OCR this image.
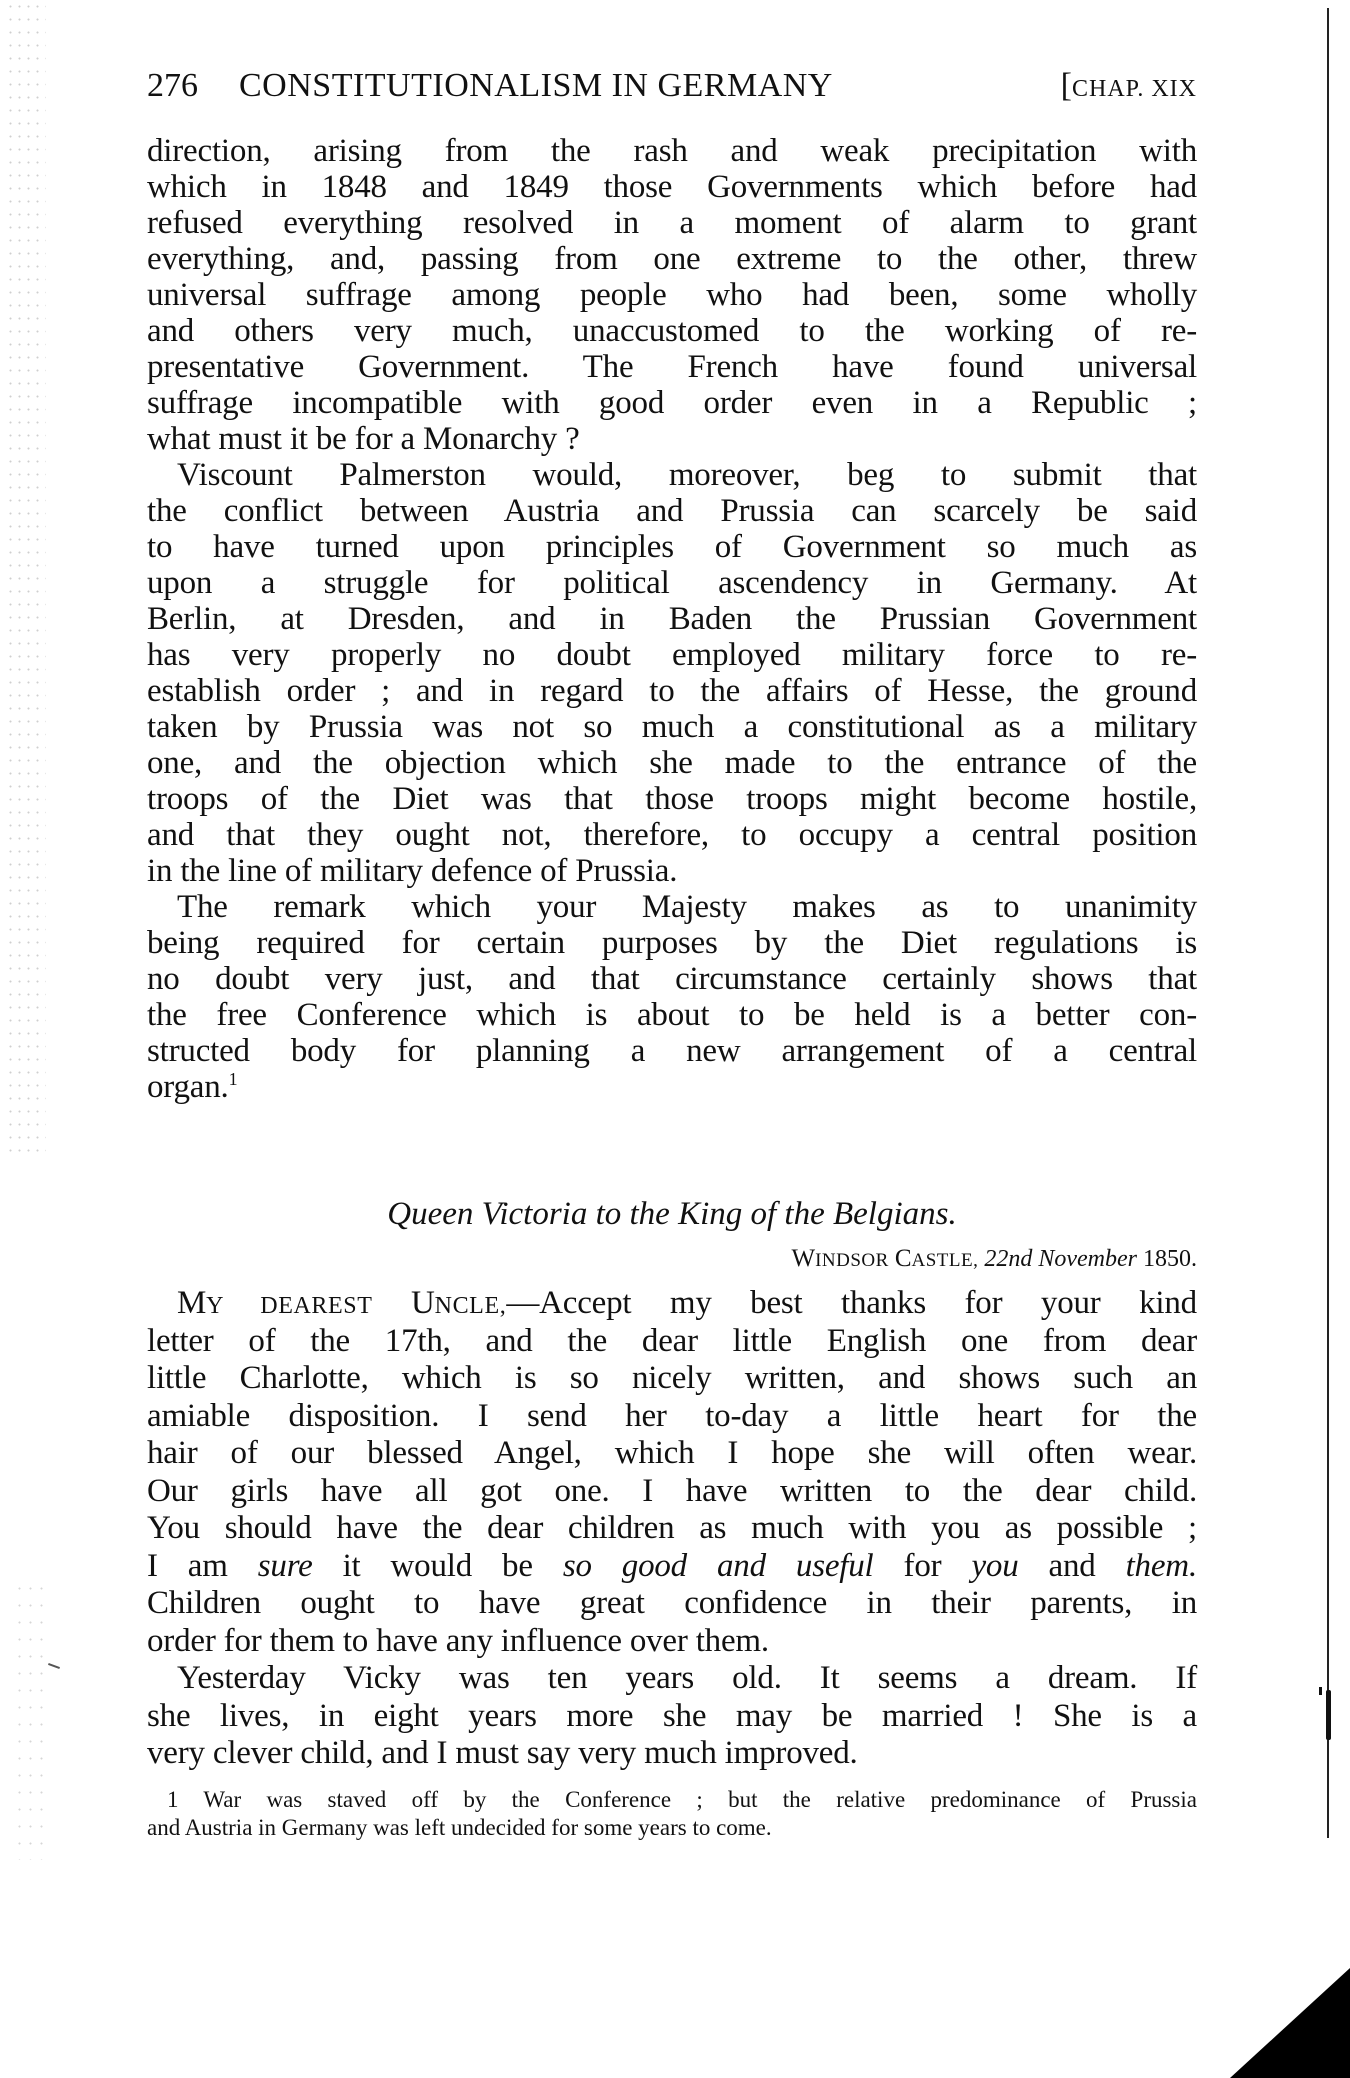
276	CONSTITUTIONALISM IN GERMANY	[CHAP. XIX
direction, arising from the rash and weak precipitation with
which in 1848 and 1849 those Governments which before had
refused everything resolved in a moment of alarm to grant
everything, and, passing from one extreme to the other, threw
universal suffrage among people who had been, some wholly
and others very much, unaccustomed to the working of re-
presentative Government. The French have found universal
suffrage incompatible with good order even in a Republic ;
what must it be for a Monarchy ?
Viscount Palmerston would, moreover, beg to submit that
the conflict between Austria and Prussia can scarcely be said
to have turned upon principles of Government so much as
upon a struggle for political ascendency in Germany. At
Berlin, at Dresden, and in Baden the Prussian Government
has very properly no doubt employed military force to re-
establish order ; and in regard to the affairs of Hesse, the ground
taken by Prussia was not so much a constitutional as a military
one, and the objection which she made to the entrance of the
troops of the Diet was that those troops might become hostile,
and that they ought not, therefore, to occupy a central position
in the line of military defence of Prussia.
The remark which your Majesty makes as to unanimity
being required for certain purposes by the Diet regulations is
no doubt very just, and that circumstance certainly shows that
the free Conference which is about to be held is a better con-
structed body for planning a new arrangement of a central
organ.$^1$
Queen Victoria to the King of the Belgians.
WINDSOR CASTLE, 22nd November 1850.
MY DEAREST UNCLE,—Accept my best thanks for your kind
letter of the 17th, and the dear little English one from dear
little Charlotte, which is so nicely written, and shows such an
amiable disposition. I send her to-day a little heart for the
hair of our blessed Angel, which I hope she will often wear.
Our girls have all got one. I have written to the dear child.
You should have the dear children as much with you as possible ;
I am sure it would be so good and useful for you and them.
Children ought to have great confidence in their parents, in
order for them to have any influence over them.
Yesterday Vicky was ten years old. It seems a dream. If
she lives, in eight years more she may be married ! She is a
very clever child, and I must say very much improved.
1 War was staved off by the Conference ; but the relative predominance of Prussia
and Austria in Germany was left undecided for some years to come.
